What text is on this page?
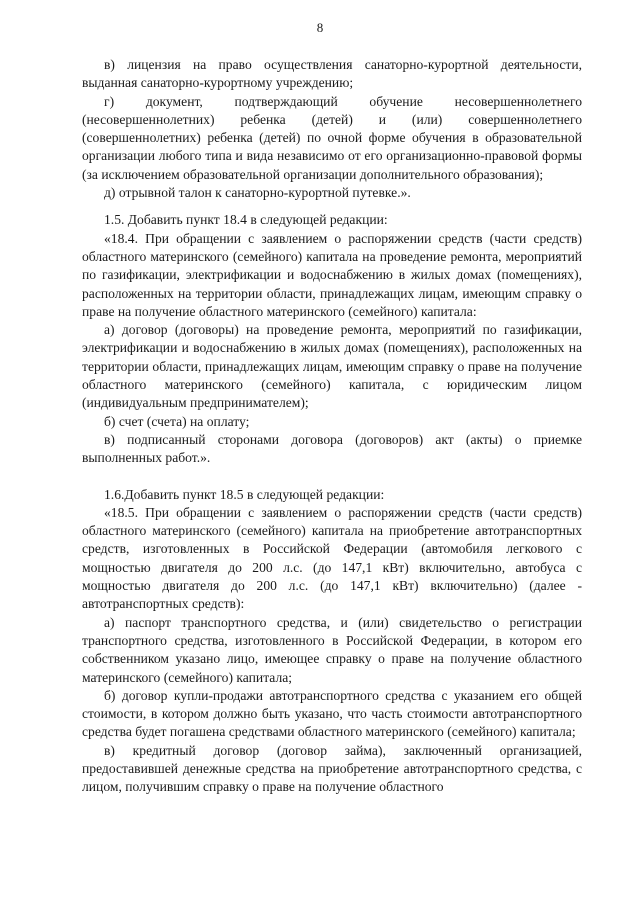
8

в) лицензия на право осуществления санаторно-курортной деятельности, выданная санаторно-курортному учреждению;

г) документ, подтверждающий обучение несовершеннолетнего (несовершеннолетних) ребенка (детей) и (или) совершеннолетнего (совершеннолетних) ребенка (детей) по очной форме обучения в образовательной организации любого типа и вида независимо от его организационно-правовой формы (за исключением образовательной организации дополнительного образования);

д) отрывной талон к санаторно-курортной путевке.».

1.5. Добавить пункт 18.4 в следующей редакции:

«18.4. При обращении с заявлением о распоряжении средств (части средств) областного материнского (семейного) капитала на проведение ремонта, мероприятий по газификации, электрификации и водоснабжению в жилых домах (помещениях), расположенных на территории области, принадлежащих лицам, имеющим справку о праве на получение областного материнского (семейного) капитала:

а) договор (договоры) на проведение ремонта, мероприятий по газификации, электрификации и водоснабжению в жилых домах (помещениях), расположенных на территории области, принадлежащих лицам, имеющим справку о праве на получение областного материнского (семейного) капитала, с юридическим лицом (индивидуальным предпринимателем);

б) счет (счета) на оплату;

в) подписанный сторонами договора (договоров) акт (акты) о приемке выполненных работ.».

1.6.Добавить пункт 18.5 в следующей редакции:

«18.5. При обращении с заявлением о распоряжении средств (части средств) областного материнского (семейного) капитала на приобретение автотранспортных средств, изготовленных в Российской Федерации (автомобиля легкового с мощностью двигателя до 200 л.с. (до 147,1 кВт) включительно, автобуса с мощностью двигателя до 200 л.с. (до 147,1 кВт) включительно) (далее - автотранспортных средств):

а) паспорт транспортного средства, и (или) свидетельство о регистрации транспортного средства, изготовленного в Российской Федерации, в котором его собственником указано лицо, имеющее справку о праве на получение областного материнского (семейного) капитала;

б) договор купли-продажи автотранспортного средства с указанием его общей стоимости, в котором должно быть указано, что часть стоимости автотранспортного средства будет погашена средствами областного материнского (семейного) капитала;

в) кредитный договор (договор займа), заключенный организацией, предоставившей денежные средства на приобретение автотранспортного средства, с лицом, получившим справку о праве на получение областного
